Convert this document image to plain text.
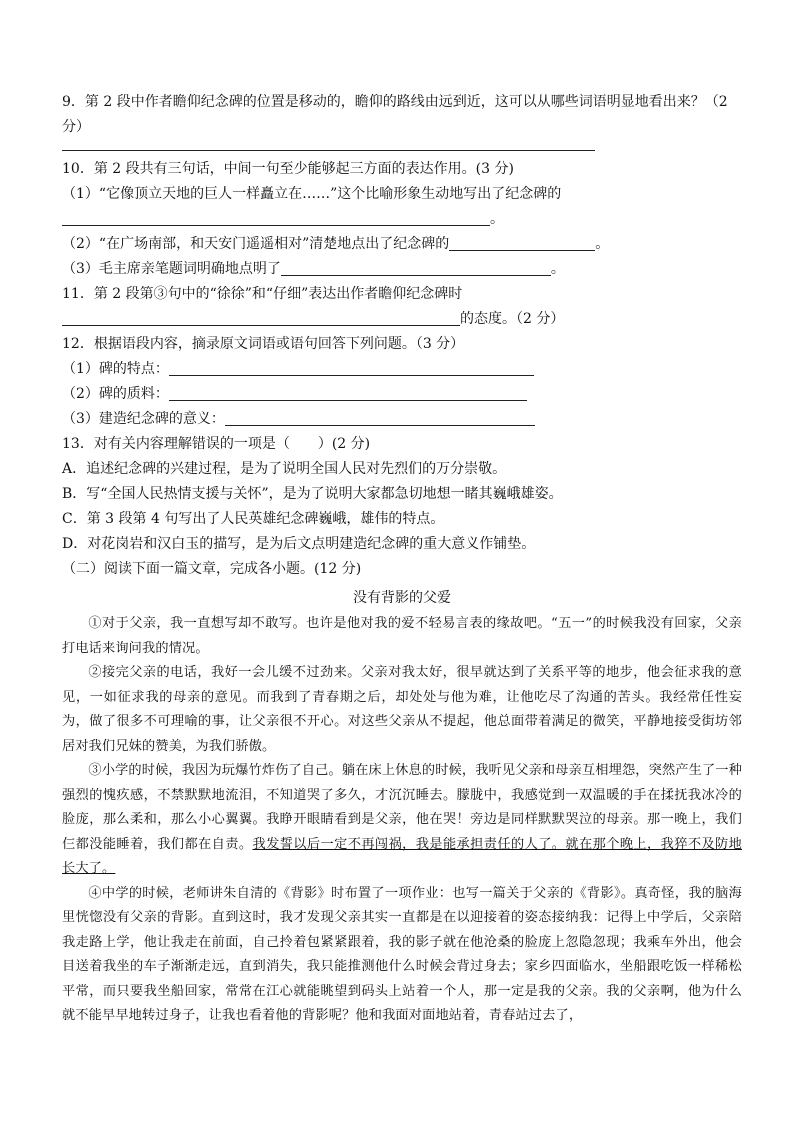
9．第 2 段中作者瞻仰纪念碑的位置是移动的，瞻仰的路线由远到近，这可以从哪些词语明显地看出来？（2

分）

10．第 2 段共有三句话，中间一句至少能够起三方面的表达作用。(3 分)

（1）“它像顶立天地的巨人一样矗立在……”这个比喻形象生动地写出了纪念碑的

。

（2）“在广场南部，和天安门遥遥相对”清楚地点出了纪念碑的	。

（3）毛主席亲笔题词明确地点明了	。

11．第 2 段第③句中的“徐徐”和“仔细”表达出作者瞻仰纪念碑时

的态度。（2 分）

12．根据语段内容，摘录原文词语或语句回答下列问题。（3 分）

（1）碑的特点：

（2）碑的质料：

（3）建造纪念碑的意义：

13．对有关内容理解错误的一项是（　　）(2 分)

A．追述纪念碑的兴建过程，是为了说明全国人民对先烈们的万分崇敬。

B．写“全国人民热情支援与关怀”，是为了说明大家都急切地想一睹其巍峨雄姿。

C．第 3 段第 4 句写出了人民英雄纪念碑巍峨，雄伟的特点。

D．对花岗岩和汉白玉的描写，是为后文点明建造纪念碑的重大意义作铺垫。

（二）阅读下面一篇文章，完成各小题。(12 分)

没有背影的父爱

①对于父亲，我一直想写却不敢写。也许是他对我的爱不轻易言表的缘故吧。“五一”的时候我没有回家，父亲打电话来询问我的情况。

②接完父亲的电话，我好一会儿缓不过劲来。父亲对我太好，很早就达到了关系平等的地步，他会征求我的意见，一如征求我的母亲的意见。而我到了青春期之后，却处处与他为难，让他吃尽了沟通的苦头。我经常任性妄为，做了很多不可理喻的事，让父亲很不开心。对这些父亲从不提起，他总面带着满足的微笑，平静地接受街坊邻居对我们兄妹的赞美，为我们骄傲。

③小学的时候，我因为玩爆竹炸伤了自己。躺在床上休息的时候，我听见父亲和母亲互相埋怨，突然产生了一种强烈的愧疚感，不禁默默地流泪，不知道哭了多久，才沉沉睡去。朦胧中，我感觉到一双温暖的手在揉抚我冰冷的脸庞，那么柔和，那么小心翼翼。我睁开眼睛看到是父亲，他在哭！旁边是同样默默哭泣的母亲。那一晚上，我们仨都没能睡着，我们都在自责。我发誓以后一定不再闯祸，我是能承担责任的人了。就在那个晚上，我猝不及防地长大了。

④中学的时候，老师讲朱自清的《背影》时布置了一项作业：也写一篇关于父亲的《背影》。真奇怪，我的脑海里恍惚没有父亲的背影。直到这时，我才发现父亲其实一直都是在以迎接着的姿态接纳我：记得上中学后，父亲陪我走路上学，他让我走在前面，自己拎着包紧紧跟着，我的影子就在他沧桑的脸庞上忽隐忽现；我乘车外出，他会目送着我坐的车子渐渐走远，直到消失，我只能推测他什么时候会背过身去；家乡四面临水，坐船跟吃饭一样稀松平常，而只要我坐船回家，常常在江心就能眺望到码头上站着一个人，那一定是我的父亲。我的父亲啊，他为什么就不能早早地转过身子，让我也看着他的背影呢？他和我面对面地站着，青春站过去了，
